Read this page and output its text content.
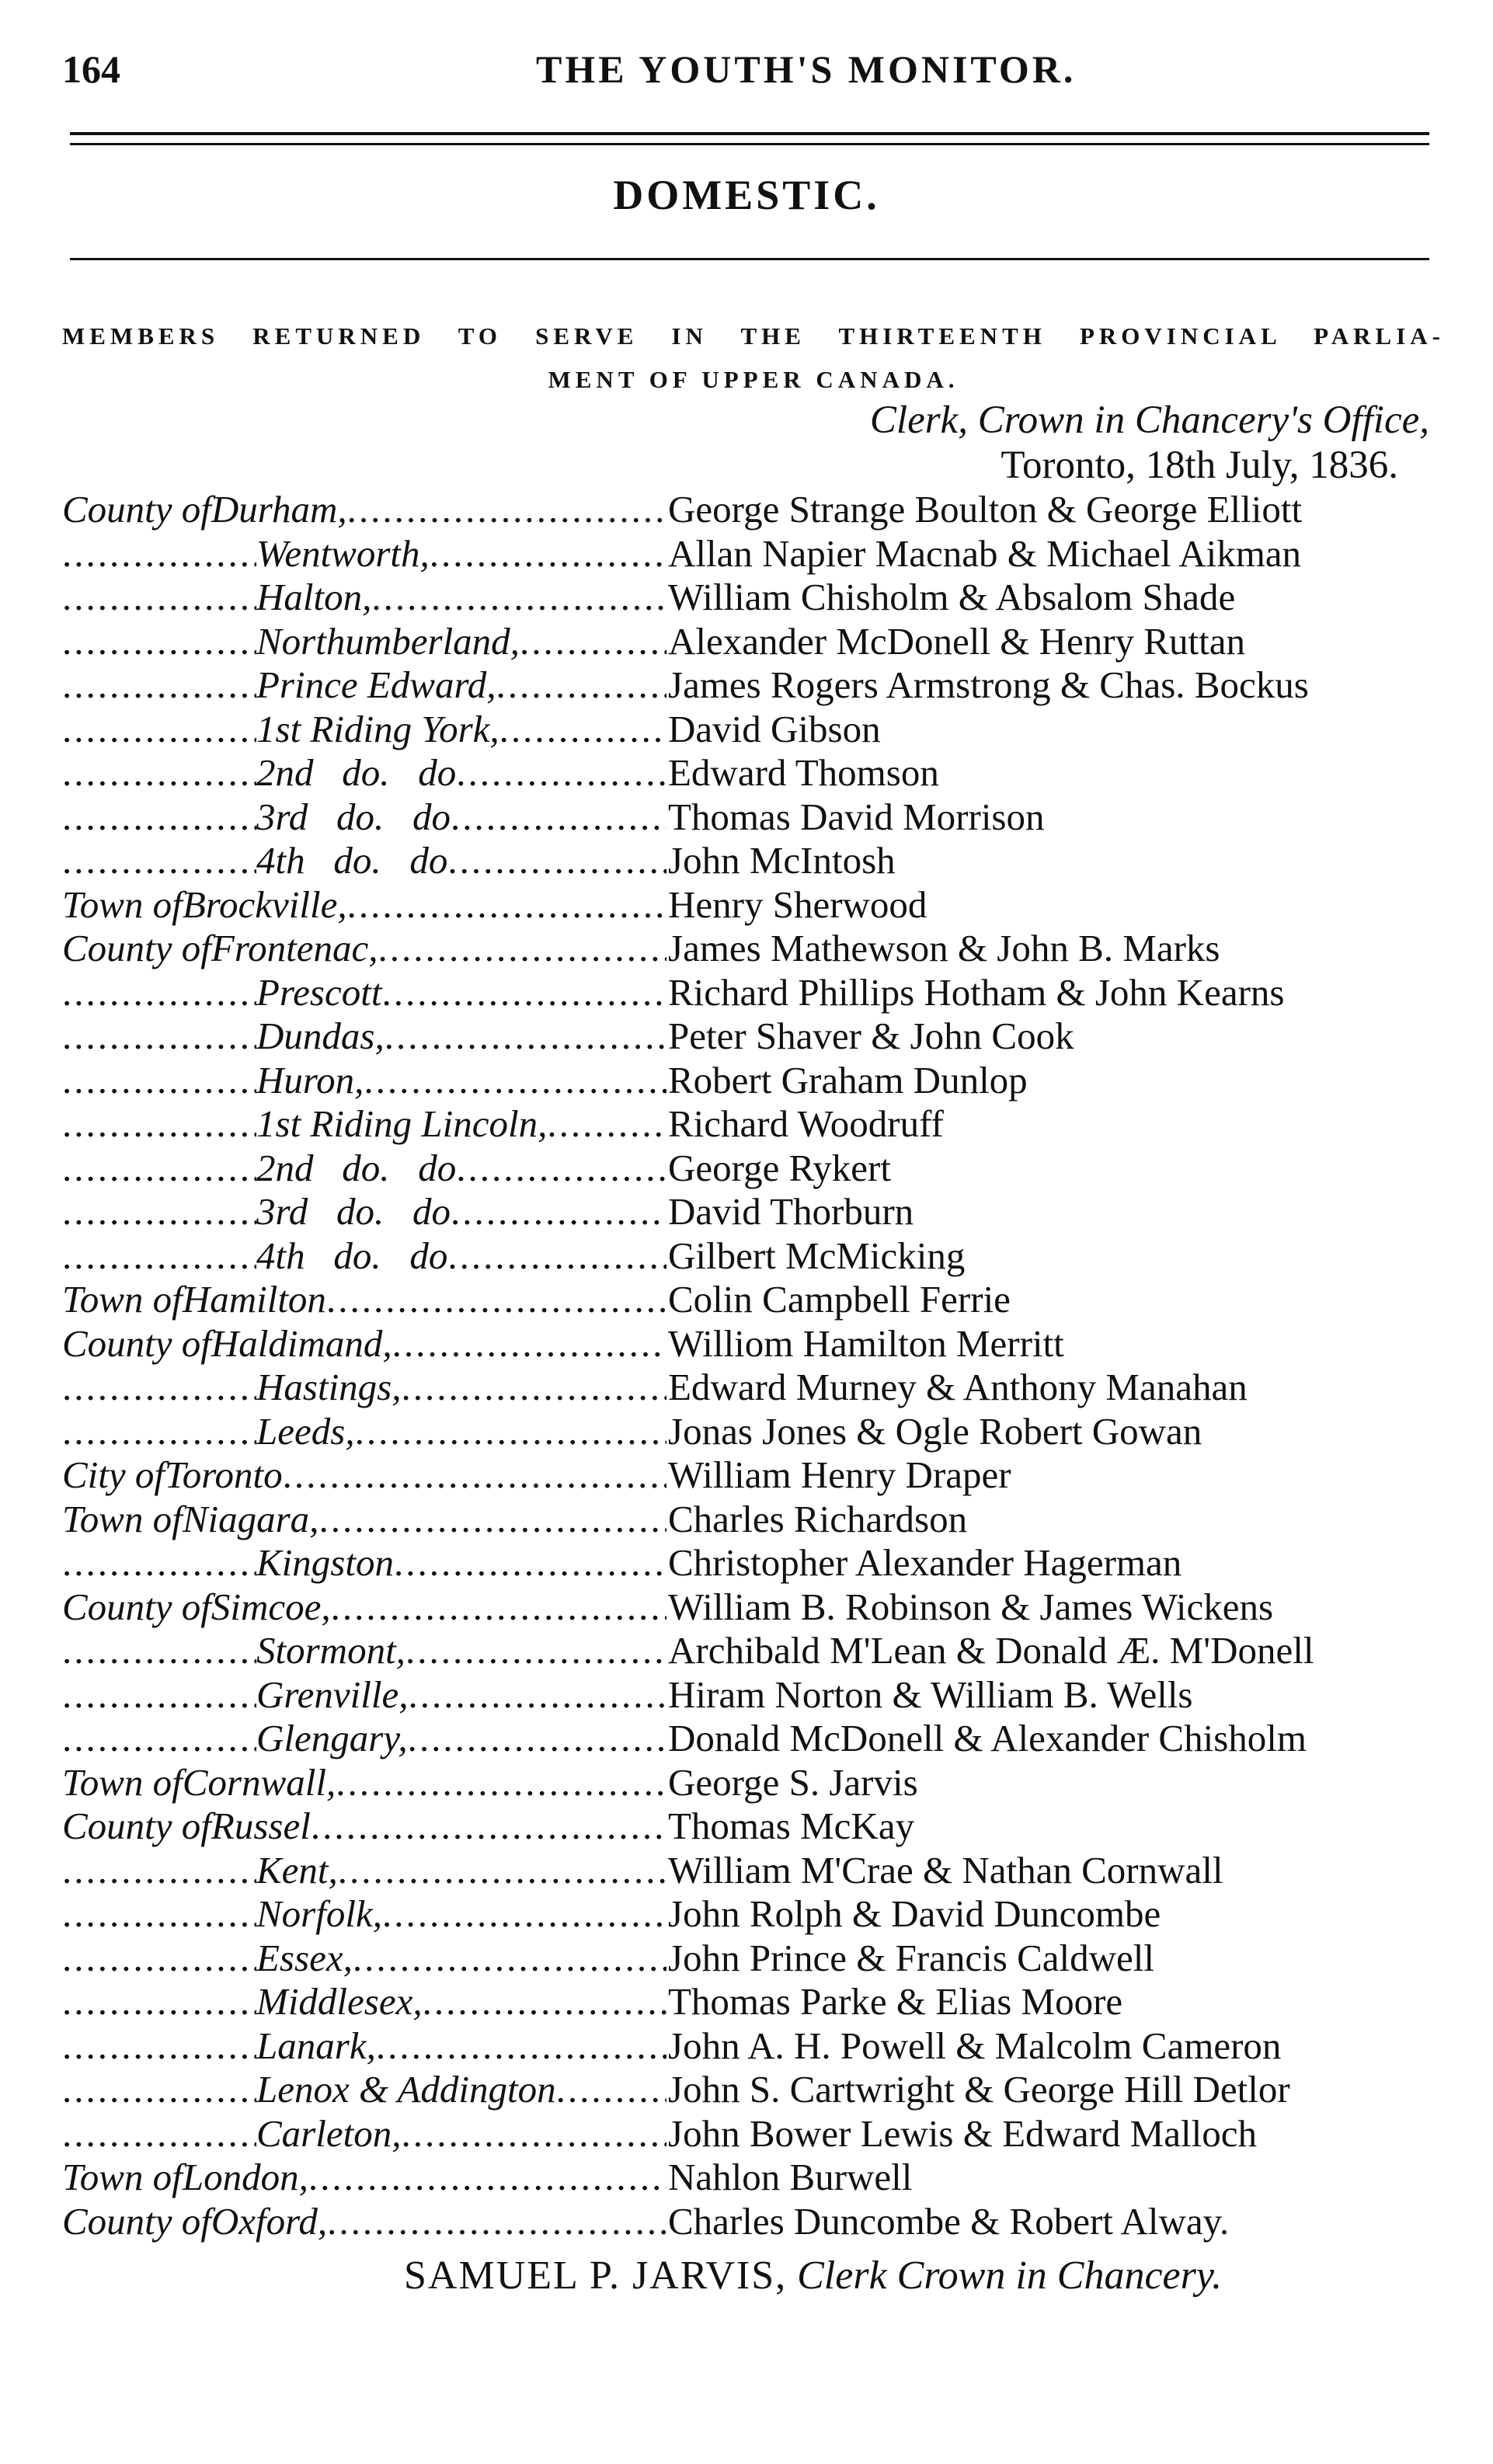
164	THE YOUTH'S MONITOR.
DOMESTIC.
MEMBERS RETURNED TO SERVE IN THE THIRTEENTH PROVINCIAL PARLIA-
MENT OF UPPER CANADA.
Clerk, Crown in Chancery's Office,
Toronto, 18th July, 1836.
County of Durham, .....	George Strange Boulton & George Elliott
.....
Wentworth, .....	Allan Napier Macnab & Michael Aikman
.....
Halton, .....	William Chisholm & Absalom Shade
.....
Northumberland, .....	Alexander McDonell & Henry Ruttan
.....
Prince Edward, .....	James Rogers Armstrong & Chas. Bockus
.....
1st Riding York, .....	David Gibson
.....
2nd   do.   do .....	Edward Thomson
.....
3rd   do.   do .....	Thomas David Morrison
.....
4th   do.   do .....	John McIntosh
Town of Brockville, .....	Henry Sherwood
County of Frontenac, .....	James Mathewson & John B. Marks
.....
Prescott .....	Richard Phillips Hotham & John Kearns
.....
Dundas, .....	Peter Shaver & John Cook
.....
Huron, .....	Robert Graham Dunlop
.....
1st Riding Lincoln, .....	Richard Woodruff
.....
2nd   do.   do .....	George Rykert
.....
3rd   do.   do .....	David Thorburn
.....
4th   do.   do .....	Gilbert McMicking
Town of Hamilton .....	Colin Campbell Ferrie
County of Haldimand, .....	Williom Hamilton Merritt
.....
Hastings, .....	Edward Murney & Anthony Manahan
.....
Leeds, .....	Jonas Jones & Ogle Robert Gowan
City of Toronto .....	William Henry Draper
Town of Niagara, .....	Charles Richardson
.....
Kingston .....	Christopher Alexander Hagerman
County of Simcoe, .....	William B. Robinson & James Wickens
.....
Stormont, .....	Archibald M'Lean & Donald Æ. M'Donell
.....
Grenville, .....	Hiram Norton & William B. Wells
.....
Glengary, .....	Donald McDonell & Alexander Chisholm
Town of Cornwall, .....	George S. Jarvis
County of Russel .....	Thomas McKay
.....
Kent, .....	William M'Crae & Nathan Cornwall
.....
Norfolk, .....	John Rolph & David Duncombe
.....
Essex, .....	John Prince & Francis Caldwell
.....
Middlesex, .....	Thomas Parke & Elias Moore
.....
Lanark, .....	John A. H. Powell & Malcolm Cameron
.....
Lenox & Addington .....	John S. Cartwright & George Hill Detlor
.....
Carleton, .....	John Bower Lewis & Edward Malloch
Town of London, .....	Nahlon Burwell
County of Oxford, .....	Charles Duncombe & Robert Alway.
SAMUEL P. JARVIS, Clerk Crown in Chancery.
